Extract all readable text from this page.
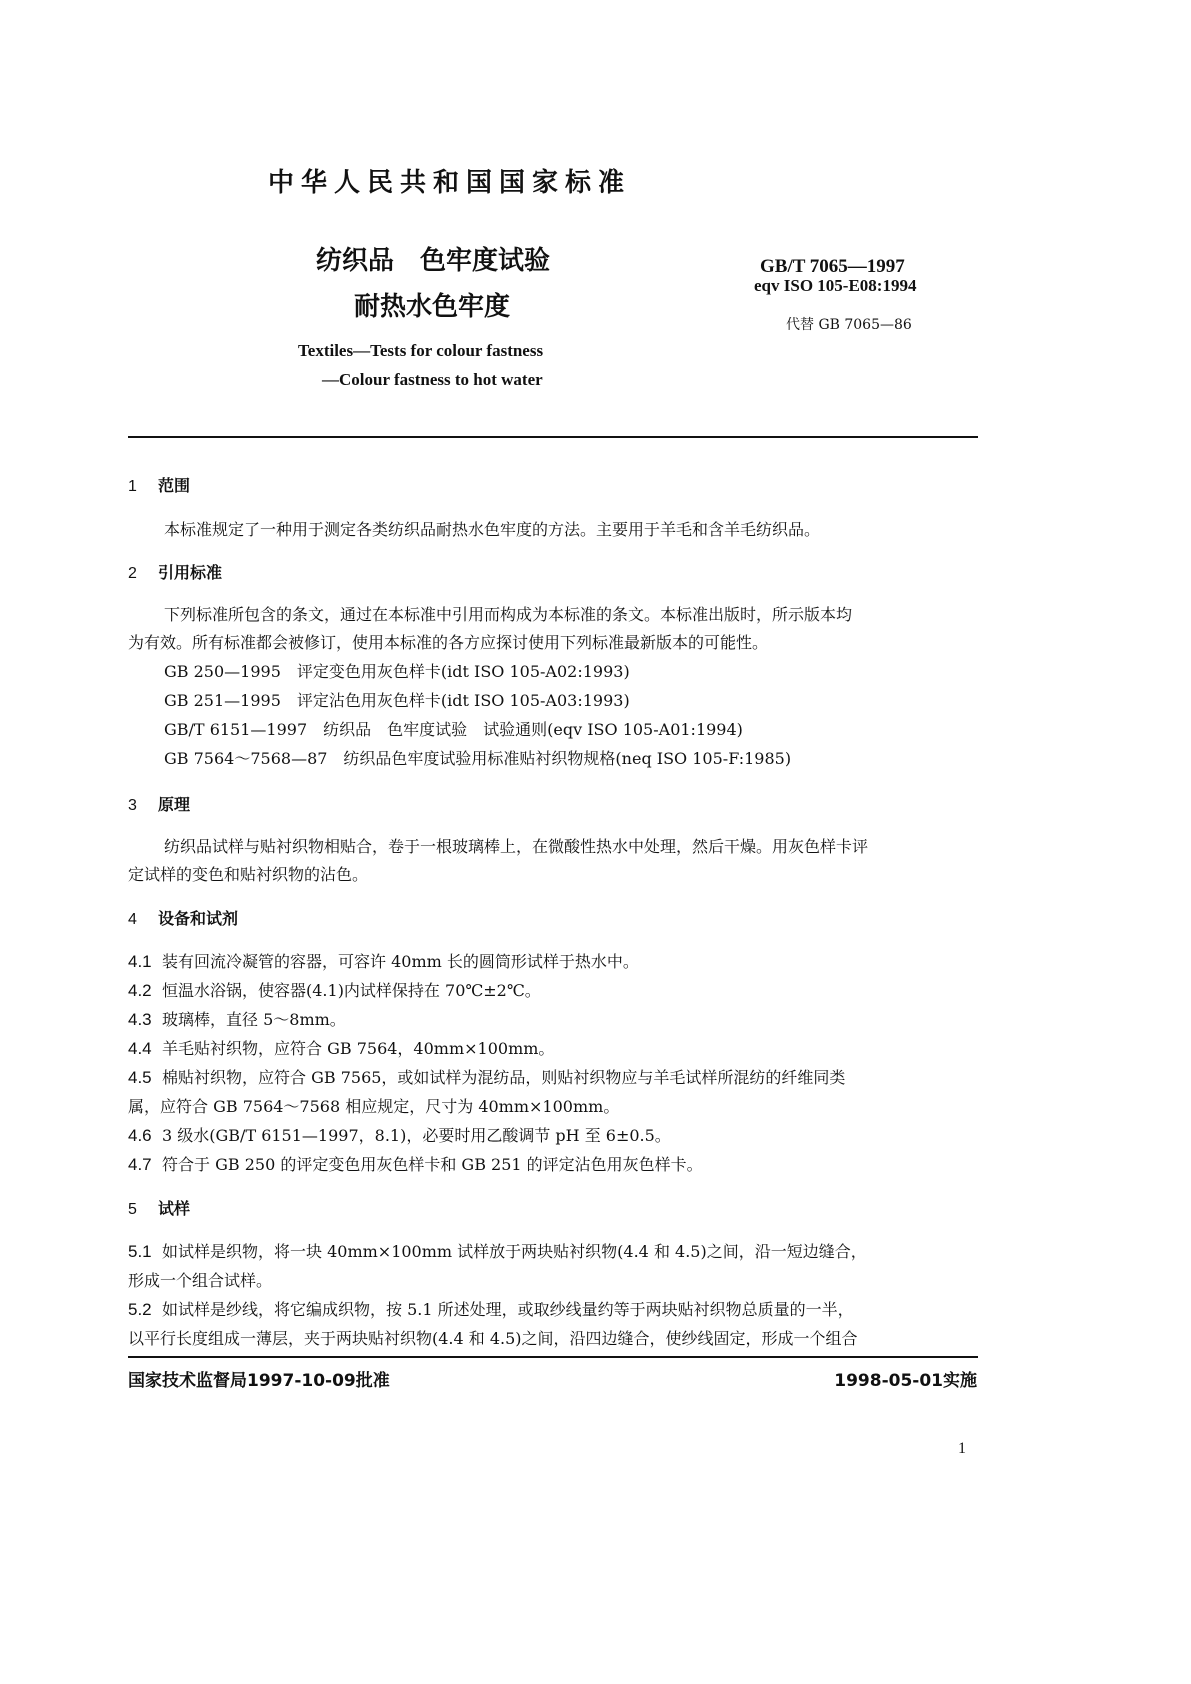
中华人民共和国国家标准
纺织品 色牢度试验
耐热水色牢度
GB/T 7065—1997
eqv ISO 105-E08:1994
代替 GB 7065—86
Textiles—Tests for colour fastness
—Colour fastness to hot water
1 范围
本标准规定了一种用于测定各类纺织品耐热水色牢度的方法。主要用于羊毛和含羊毛纺织品。
2 引用标准
下列标准所包含的条文，通过在本标准中引用而构成为本标准的条文。本标准出版时，所示版本均
为有效。所有标准都会被修订，使用本标准的各方应探讨使用下列标准最新版本的可能性。
GB 250—1995　评定变色用灰色样卡(idt ISO 105-A02:1993)
GB 251—1995　评定沾色用灰色样卡(idt ISO 105-A03:1993)
GB/T 6151—1997　纺织品　色牢度试验　试验通则(eqv ISO 105-A01:1994)
GB 7564～7568—87　纺织品色牢度试验用标准贴衬织物规格(neq ISO 105-F:1985)
3 原理
纺织品试样与贴衬织物相贴合，卷于一根玻璃棒上，在微酸性热水中处理，然后干燥。用灰色样卡评
定试样的变色和贴衬织物的沾色。
4 设备和试剂
4.1 装有回流冷凝管的容器，可容许 40mm 长的圆筒形试样于热水中。
4.2 恒温水浴锅，使容器(4.1)内试样保持在 70℃±2℃。
4.3 玻璃棒，直径 5～8mm。
4.4 羊毛贴衬织物，应符合 GB 7564，40mm×100mm。
4.5 棉贴衬织物，应符合 GB 7565，或如试样为混纺品，则贴衬织物应与羊毛试样所混纺的纤维同类
属，应符合 GB 7564～7568 相应规定，尺寸为 40mm×100mm。
4.6 3 级水(GB/T 6151—1997，8.1)，必要时用乙酸调节 pH 至 6±0.5。
4.7 符合于 GB 250 的评定变色用灰色样卡和 GB 251 的评定沾色用灰色样卡。
5 试样
5.1 如试样是织物，将一块 40mm×100mm 试样放于两块贴衬织物(4.4 和 4.5)之间，沿一短边缝合，
形成一个组合试样。
5.2 如试样是纱线，将它编成织物，按 5.1 所述处理，或取纱线量约等于两块贴衬织物总质量的一半，
以平行长度组成一薄层，夹于两块贴衬织物(4.4 和 4.5)之间，沿四边缝合，使纱线固定，形成一个组合
国家技术监督局1997-10-09批准	1998-05-01实施
1
